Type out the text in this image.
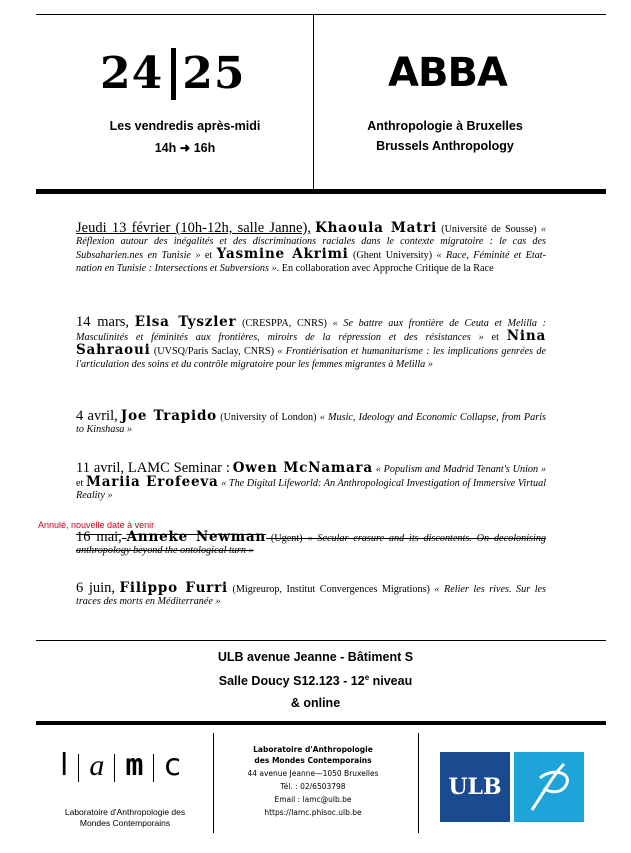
24 25
Les vendredis après-midi
14h ➜ 16h
ABBA
Anthropologie à Bruxelles
Brussels Anthropology
Jeudi 13 février (10h-12h, salle Janne), Khaoula Matri (Université de Sousse) « Réflexion autour des inégalités et des discriminations raciales dans le contexte migratoire : le cas des Subsaharien.nes en Tunisie » et Yasmine Akrimi (Ghent University) « Race, Féminité et Etat-nation en Tunisie : Intersections et Subversions ». En collaboration avec Approche Critique de la Race
14 mars, Elsa Tyszler (CRESPPA, CNRS) « Se battre aux frontière de Ceuta et Melilla : Masculinités et féminités aux frontières, miroirs de la répression et des résistances » et Nina Sahraoui (UVSQ/Paris Saclay, CNRS) « Frontiérisation et humanitarisme : les implications genrées de l'articulation des soins et du contrôle migratoire pour les femmes migrantes à Melilla »
4 avril, Joe Trapido (University of London) « Music, Ideology and Economic Collapse, from Paris to Kinshasa »
11 avril, LAMC Seminar : Owen McNamara « Populism and Madrid Tenant's Union » et Mariia Erofeeva « The Digital Lifeworld: An Anthropological Investigation of Immersive Virtual Reality »
Annulé, nouvelle date à venir
16 mai, Anneke Newman (Ugent) « Secular erasure and its discontents. On decolonising anthropology beyond the ontological turn »
6 juin, Filippo Furri (Migreurop, Institut Convergences Migrations) « Relier les rives. Sur les traces des morts en Méditerranée »
ULB avenue Jeanne - Bâtiment S
Salle Doucy S12.123 - 12e niveau
& online
l a m c
Laboratoire d'Anthropologie des
Mondes Contemporains
Laboratoire d'Anthropologie
des Mondes Contemporains
44 avenue Jeanne—1050 Bruxelles
Tél. : 02/6503798
Email : lamc@ulb.be
https://lamc.phisoc.ulb.be
ULB
